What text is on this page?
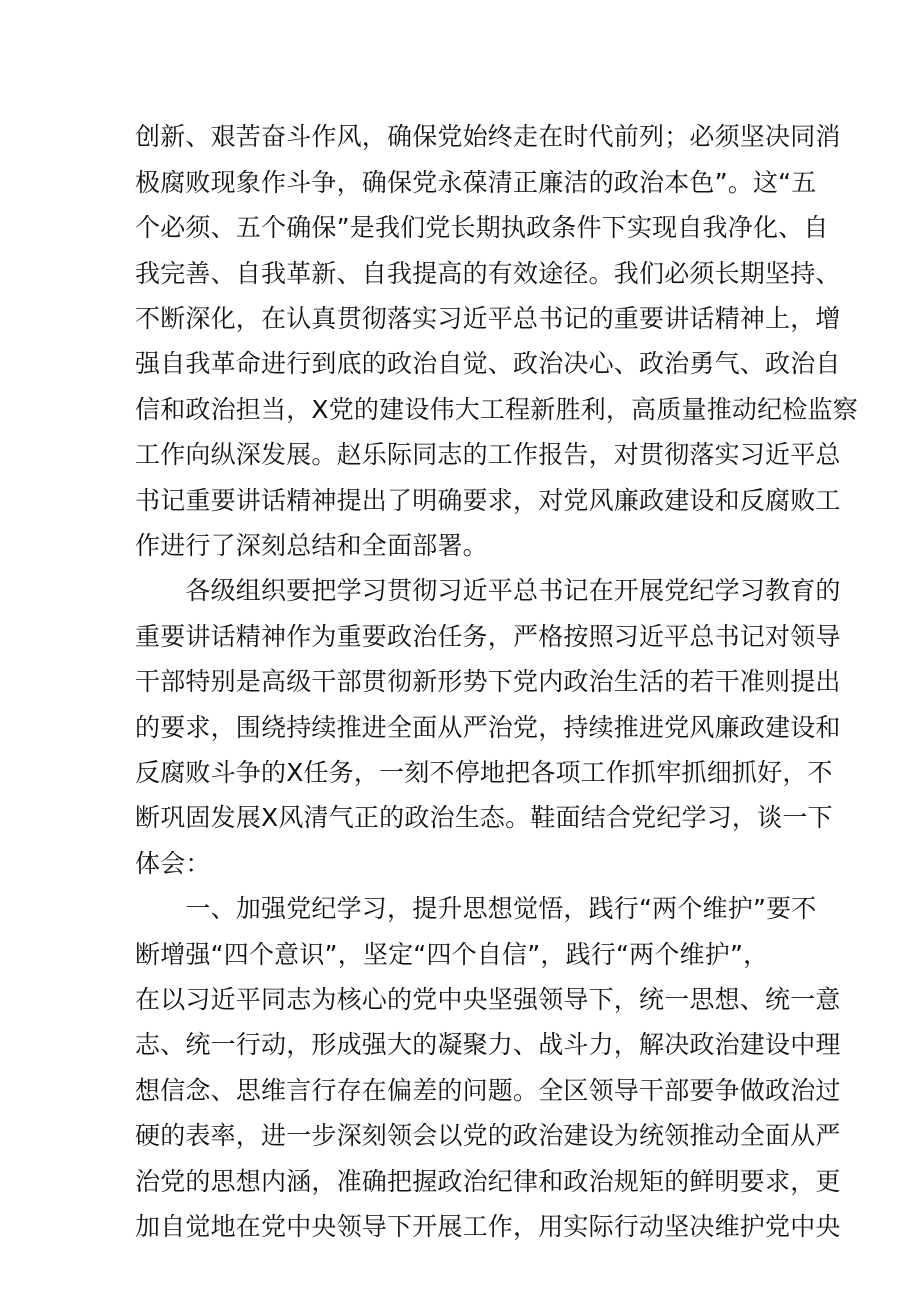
创新、艰苦奋斗作风，确保党始终走在时代前列；必须坚决同消
极腐败现象作斗争，确保党永葆清正廉洁的政治本色”。这“五
个必须、五个确保”是我们党长期执政条件下实现自我净化、自
我完善、自我革新、自我提高的有效途径。我们必须长期坚持、
不断深化，在认真贯彻落实习近平总书记的重要讲话精神上，增
强自我革命进行到底的政治自觉、政治决心、政治勇气、政治自
信和政治担当，X党的建设伟大工程新胜利，高质量推动纪检监察
工作向纵深发展。赵乐际同志的工作报告，对贯彻落实习近平总
书记重要讲话精神提出了明确要求，对党风廉政建设和反腐败工
作进行了深刻总结和全面部署。
　　各级组织要把学习贯彻习近平总书记在开展党纪学习教育的
重要讲话精神作为重要政治任务，严格按照习近平总书记对领导
干部特别是高级干部贯彻新形势下党内政治生活的若干准则提出
的要求，围绕持续推进全面从严治党，持续推进党风廉政建设和
反腐败斗争的X任务，一刻不停地把各项工作抓牢抓细抓好，不
断巩固发展X风清气正的政治生态。鞋面结合党纪学习，谈一下
体会：
　　一、加强党纪学习，提升思想觉悟，践行“两个维护”要不
断增强“四个意识”，坚定“四个自信”，践行“两个维护”，
在以习近平同志为核心的党中央坚强领导下，统一思想、统一意
志、统一行动，形成强大的凝聚力、战斗力，解决政治建设中理
想信念、思维言行存在偏差的问题。全区领导干部要争做政治过
硬的表率，进一步深刻领会以党的政治建设为统领推动全面从严
治党的思想内涵，准确把握政治纪律和政治规矩的鲜明要求，更
加自觉地在党中央领导下开展工作，用实际行动坚决维护党中央
